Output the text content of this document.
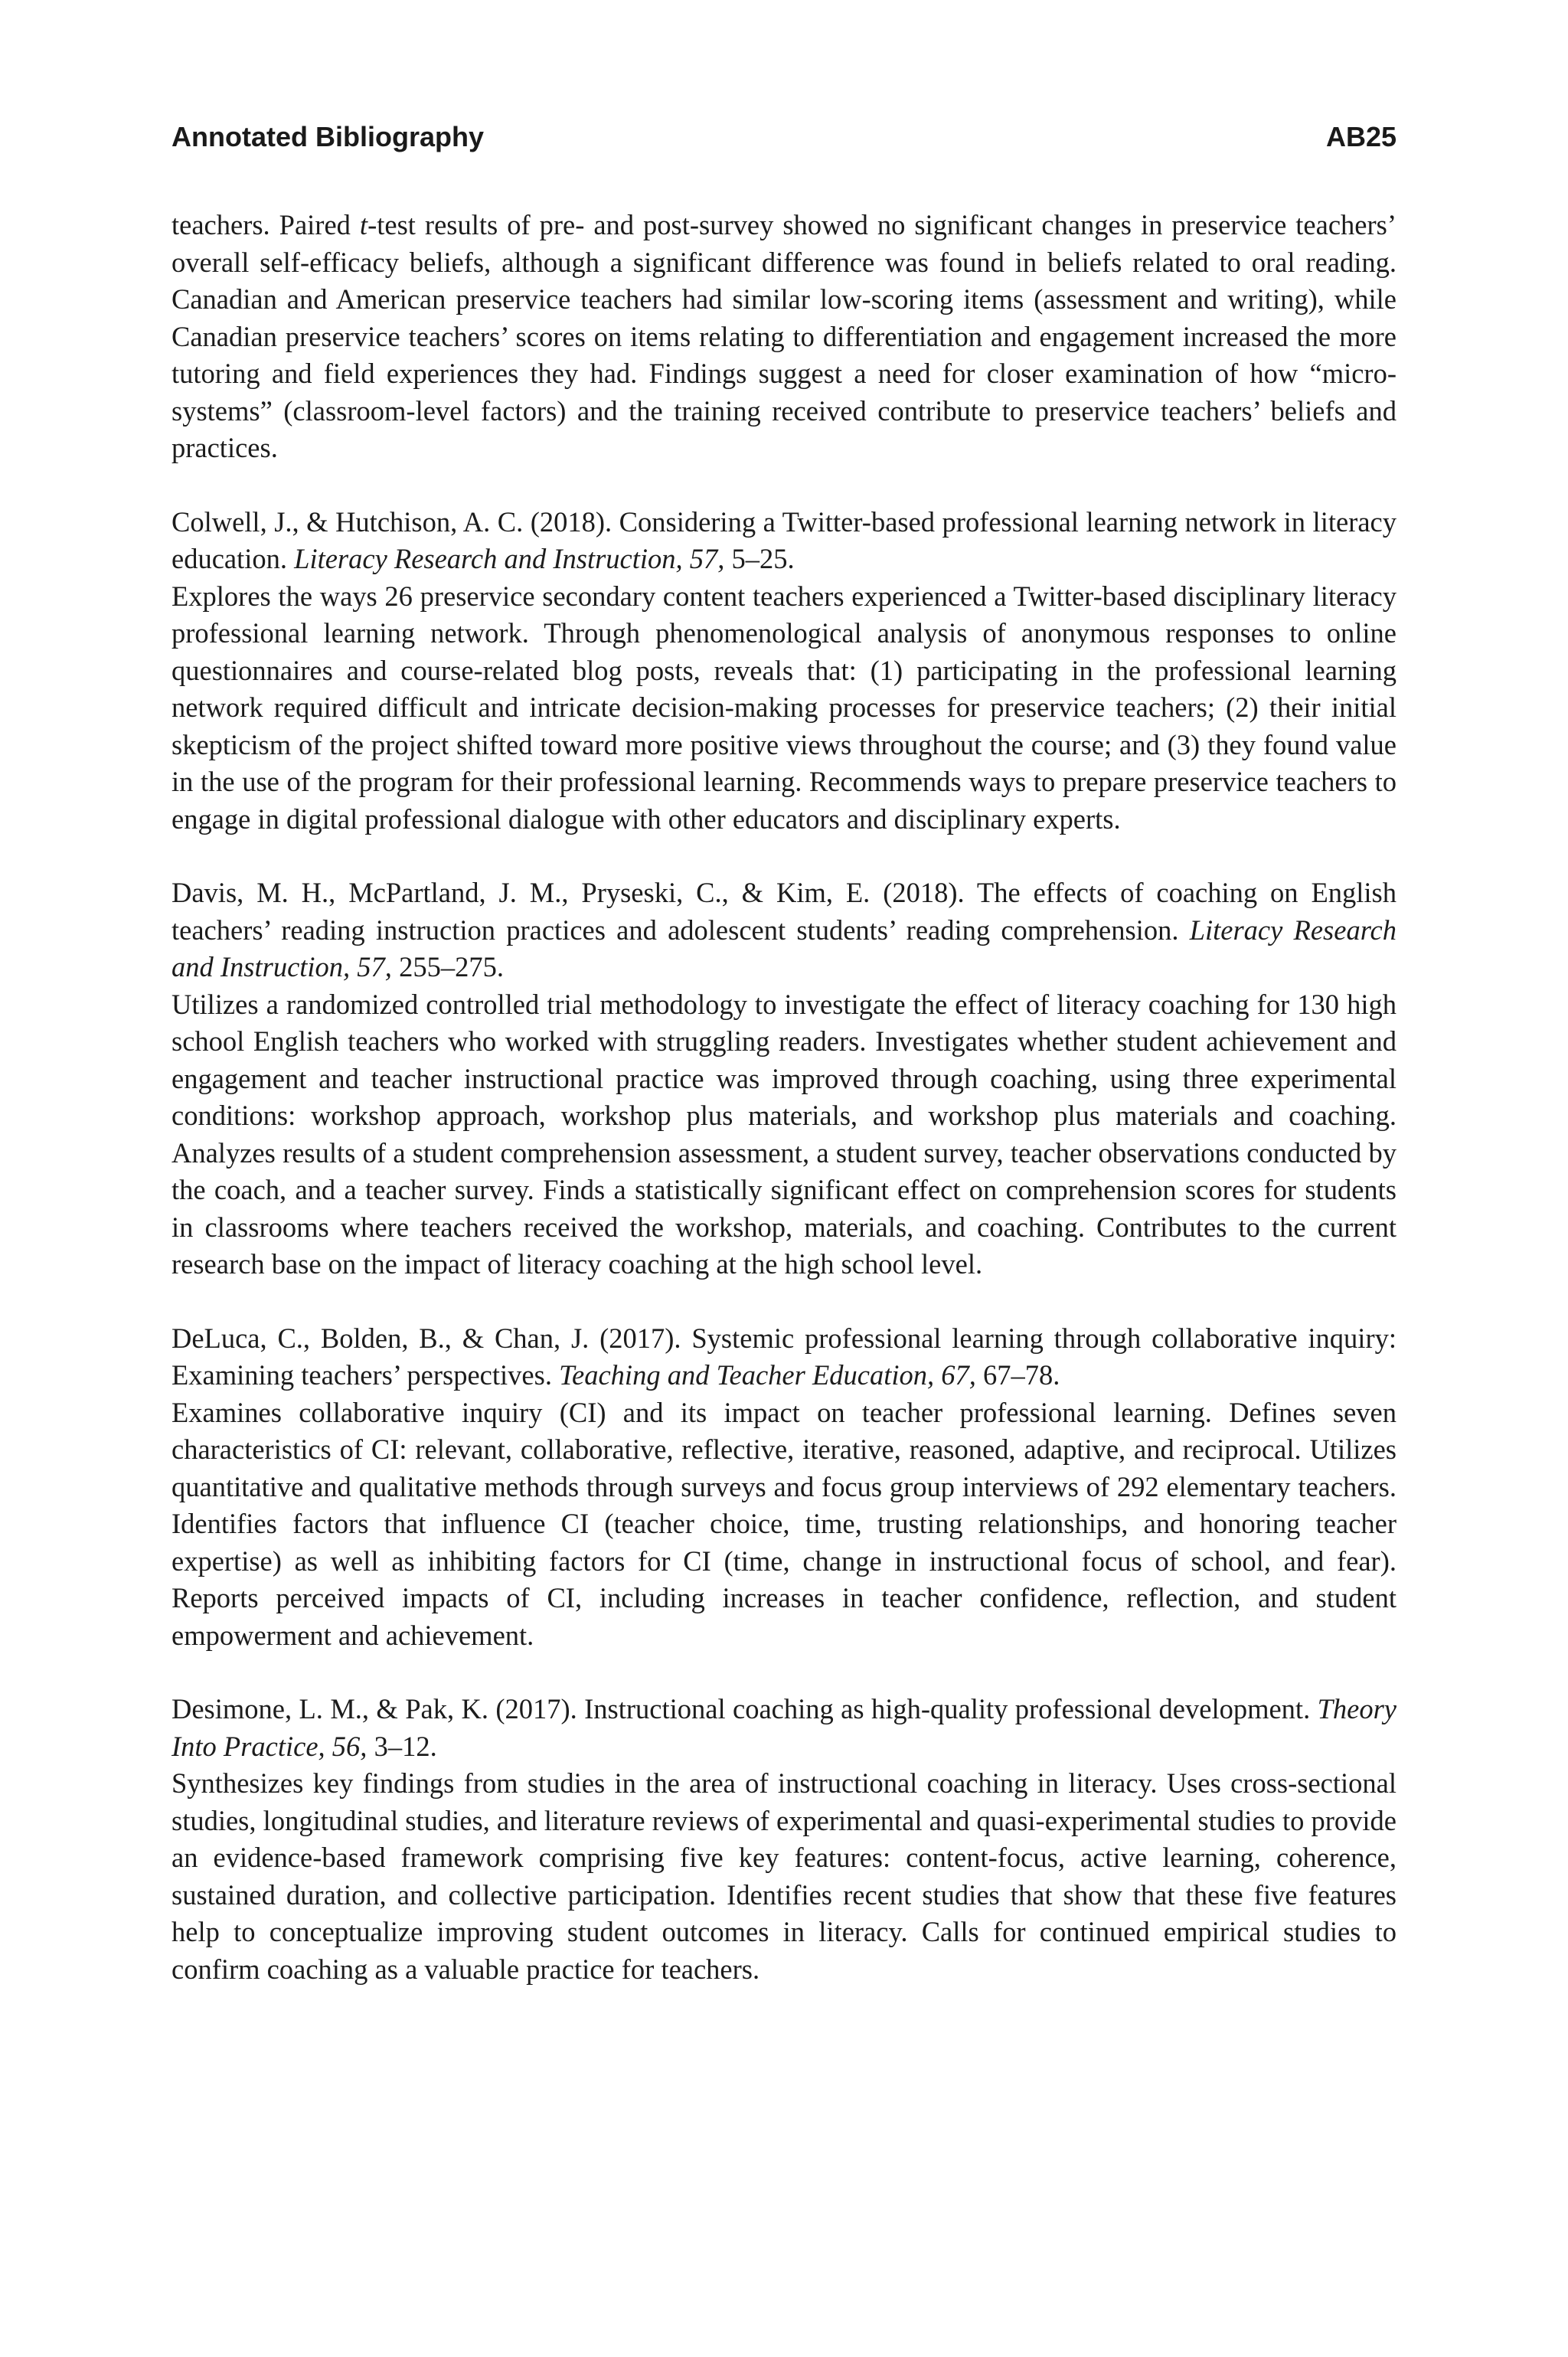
Annotated Bibliography	AB25

teachers. Paired t-test results of pre- and post-survey showed no significant changes in preservice teachers’ overall self-efficacy beliefs, although a significant difference was found in beliefs related to oral reading. Canadian and American preservice teachers had similar low-scoring items (assessment and writing), while Canadian preservice teachers’ scores on items relating to differentiation and engagement increased the more tutoring and field experiences they had. Findings suggest a need for closer examination of how “micro-systems” (classroom-level factors) and the training received contribute to preservice teachers’ beliefs and practices.

Colwell, J., & Hutchison, A. C. (2018). Considering a Twitter-based professional learning network in literacy education. Literacy Research and Instruction, 57, 5–25.

Explores the ways 26 preservice secondary content teachers experienced a Twitter-based disciplinary literacy professional learning network. Through phenomenological analysis of anonymous responses to online questionnaires and course-related blog posts, reveals that: (1) participating in the professional learning network required difficult and intricate decision-making processes for preservice teachers; (2) their initial skepticism of the project shifted toward more positive views throughout the course; and (3) they found value in the use of the program for their professional learning. Recommends ways to prepare preservice teachers to engage in digital professional dialogue with other educators and disciplinary experts.

Davis, M. H., McPartland, J. M., Pryseski, C., & Kim, E. (2018). The effects of coaching on English teachers’ reading instruction practices and adolescent students’ reading comprehension. Literacy Research and Instruction, 57, 255–275.

Utilizes a randomized controlled trial methodology to investigate the effect of literacy coaching for 130 high school English teachers who worked with struggling readers. Investigates whether student achievement and engagement and teacher instructional practice was improved through coaching, using three experimental conditions: workshop approach, workshop plus materials, and workshop plus materials and coaching. Analyzes results of a student comprehension assessment, a student survey, teacher observations conducted by the coach, and a teacher survey. Finds a statistically significant effect on comprehension scores for students in classrooms where teachers received the workshop, materials, and coaching. Contributes to the current research base on the impact of literacy coaching at the high school level.

DeLuca, C., Bolden, B., & Chan, J. (2017). Systemic professional learning through collaborative inquiry: Examining teachers’ perspectives. Teaching and Teacher Education, 67, 67–78.

Examines collaborative inquiry (CI) and its impact on teacher professional learning. Defines seven characteristics of CI: relevant, collaborative, reflective, iterative, reasoned, adaptive, and reciprocal. Utilizes quantitative and qualitative methods through surveys and focus group interviews of 292 elementary teachers. Identifies factors that influence CI (teacher choice, time, trusting relationships, and honoring teacher expertise) as well as inhibiting factors for CI (time, change in instructional focus of school, and fear). Reports perceived impacts of CI, including increases in teacher confidence, reflection, and student empowerment and achievement.

Desimone, L. M., & Pak, K. (2017). Instructional coaching as high-quality professional development. Theory Into Practice, 56, 3–12.

Synthesizes key findings from studies in the area of instructional coaching in literacy. Uses cross-sectional studies, longitudinal studies, and literature reviews of experimental and quasi-experimental studies to provide an evidence-based framework comprising five key features: content-focus, active learning, coherence, sustained duration, and collective participation. Identifies recent studies that show that these five features help to conceptualize improving student outcomes in literacy. Calls for continued empirical studies to confirm coaching as a valuable practice for teachers.
